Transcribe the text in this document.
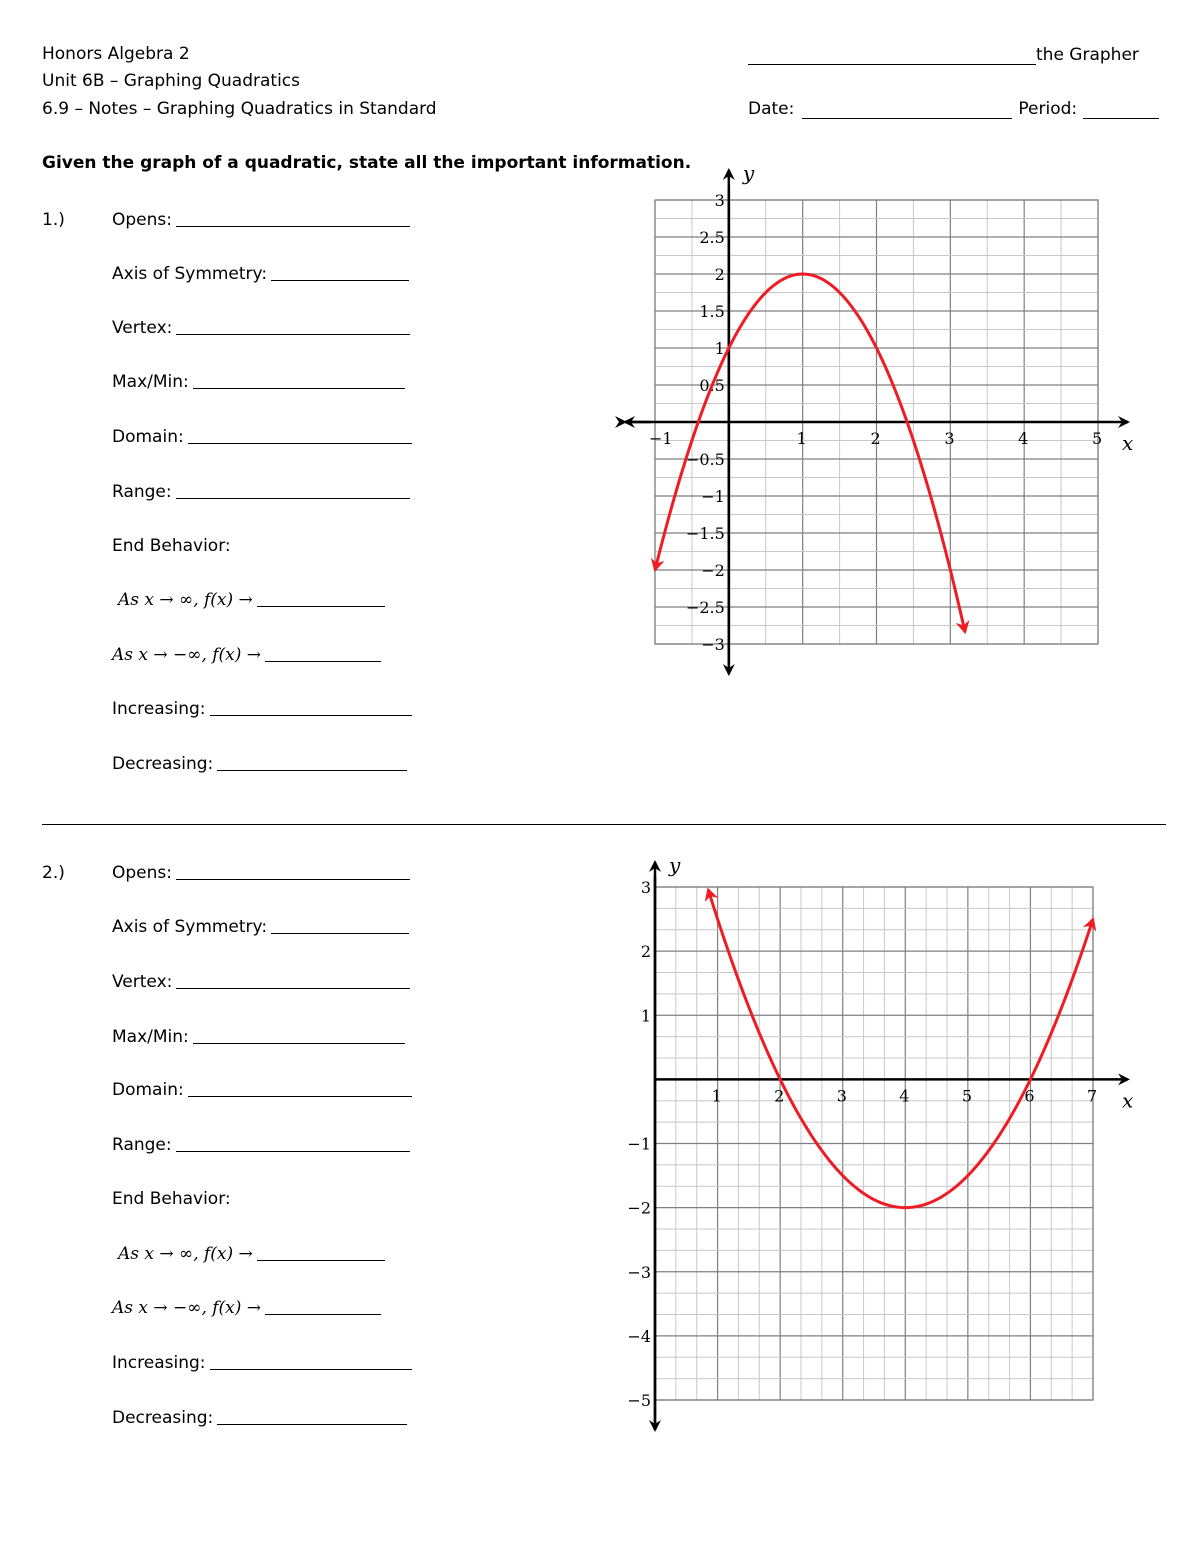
Honors Algebra 2
Unit 6B – Graphing Quadratics
6.9 – Notes – Graphing Quadratics in Standard
the Grapher
Date:	Period:
Given the graph of a quadratic, state all the important information.
1.)	Opens:
Axis of Symmetry:
Vertex:
Max/Min:
Domain:
Range:
End Behavior:
As x → ∞, f(x) →
As x → −∞, f(x) →
Increasing:
Decreasing:
2.)	Opens:
Axis of Symmetry:
Vertex:
Max/Min:
Domain:
Range:
End Behavior:
As x → ∞, f(x) →
As x → −∞, f(x) →
Increasing:
Decreasing:
x
y
−1	1	2	3	4	5
−3
−2.5
−2
−1.5
−1
−0.5
0.5
1
1.5
2
2.5
3
x
y
1	2	3	4	5	6	7
−5
−4
−3
−2
−1
1
2
3
